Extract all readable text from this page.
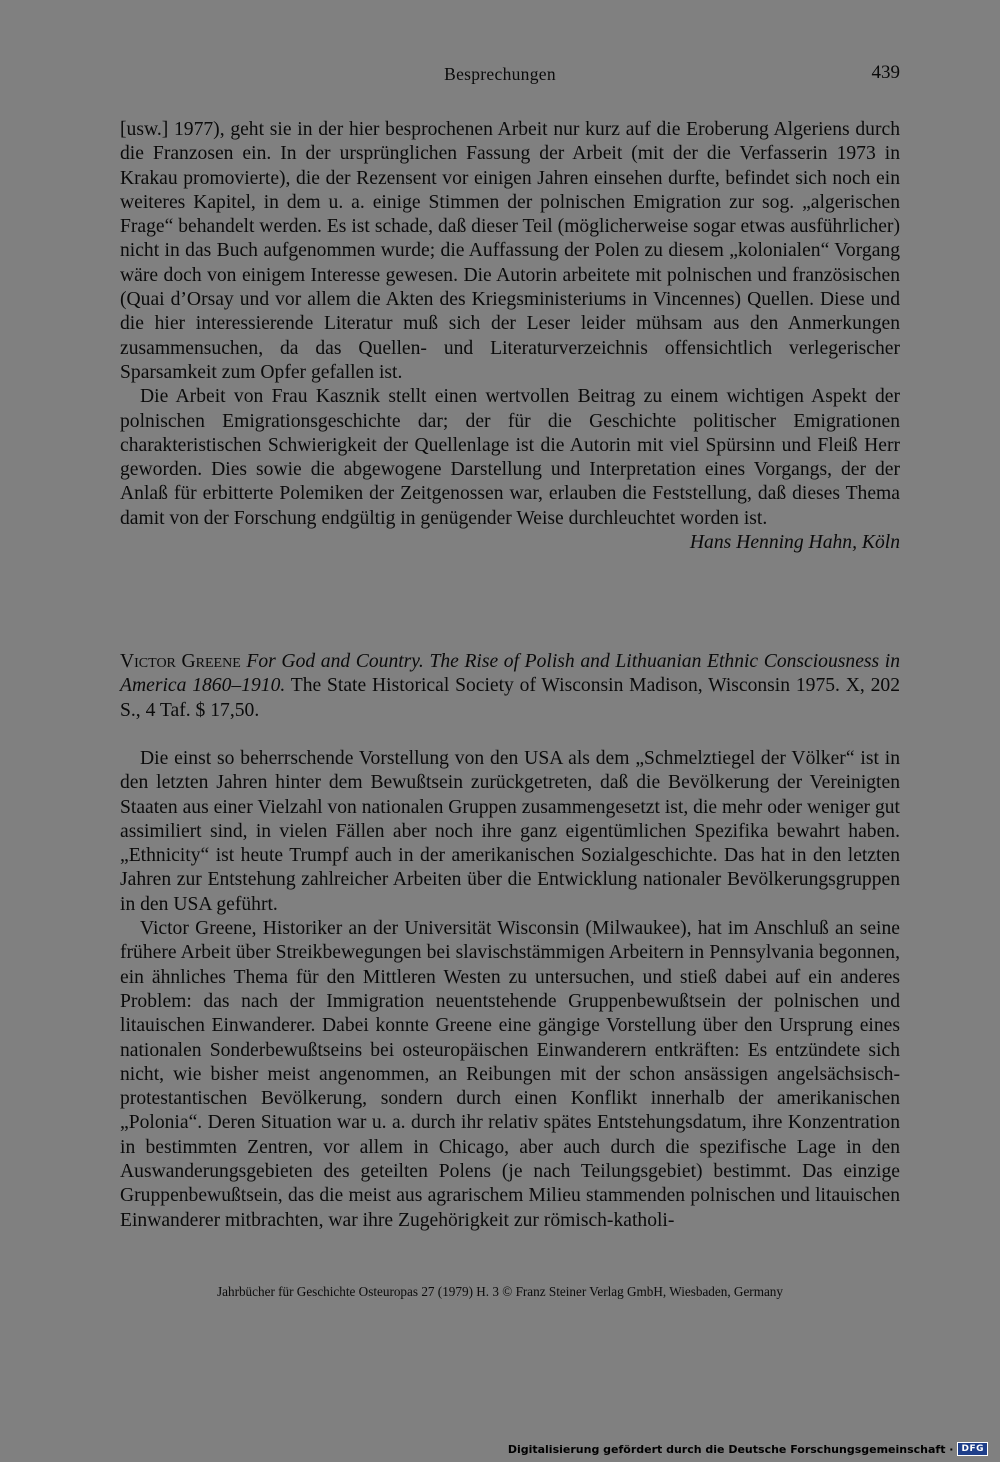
Besprechungen	439

[usw.] 1977), geht sie in der hier besprochenen Arbeit nur kurz auf die Eroberung Algeriens durch die Franzosen ein. In der ursprünglichen Fassung der Arbeit (mit der die Verfasserin 1973 in Krakau promovierte), die der Rezensent vor einigen Jahren einsehen durfte, befindet sich noch ein weiteres Kapitel, in dem u. a. einige Stimmen der polnischen Emigration zur sog. „algerischen Frage“ behandelt werden. Es ist schade, daß dieser Teil (möglicherweise sogar etwas ausführlicher) nicht in das Buch aufgenommen wurde; die Auffassung der Polen zu diesem „kolonialen“ Vorgang wäre doch von einigem Interesse gewesen. Die Autorin arbeitete mit polnischen und französischen (Quai d’Orsay und vor allem die Akten des Kriegsministeriums in Vincennes) Quellen. Diese und die hier interessierende Literatur muß sich der Leser leider mühsam aus den Anmerkungen zusammensuchen, da das Quellen- und Literaturverzeichnis offensichtlich verlegerischer Sparsamkeit zum Opfer gefallen ist.

Die Arbeit von Frau Kasznik stellt einen wertvollen Beitrag zu einem wichtigen Aspekt der polnischen Emigrationsgeschichte dar; der für die Geschichte politischer Emigrationen charakteristischen Schwierigkeit der Quellenlage ist die Autorin mit viel Spürsinn und Fleiß Herr geworden. Dies sowie die abgewogene Darstellung und Interpretation eines Vorgangs, der der Anlaß für erbitterte Polemiken der Zeitgenossen war, erlauben die Feststellung, daß dieses Thema damit von der Forschung endgültig in genügender Weise durchleuchtet worden ist.

Hans Henning Hahn, Köln

Victor Greene For God and Country. The Rise of Polish and Lithuanian Ethnic Consciousness in America 1860–1910. The State Historical Society of Wisconsin Madison, Wisconsin 1975. X, 202 S., 4 Taf. $ 17,50.

Die einst so beherrschende Vorstellung von den USA als dem „Schmelztiegel der Völker“ ist in den letzten Jahren hinter dem Bewußtsein zurückgetreten, daß die Bevölkerung der Vereinigten Staaten aus einer Vielzahl von nationalen Gruppen zusammengesetzt ist, die mehr oder weniger gut assimiliert sind, in vielen Fällen aber noch ihre ganz eigentümlichen Spezifika bewahrt haben. „Ethnicity“ ist heute Trumpf auch in der amerikanischen Sozialgeschichte. Das hat in den letzten Jahren zur Entstehung zahlreicher Arbeiten über die Entwicklung nationaler Bevölkerungsgruppen in den USA geführt.

Victor Greene, Historiker an der Universität Wisconsin (Milwaukee), hat im Anschluß an seine frühere Arbeit über Streikbewegungen bei slavischstämmigen Arbeitern in Pennsylvania begonnen, ein ähnliches Thema für den Mittleren Westen zu untersuchen, und stieß dabei auf ein anderes Problem: das nach der Immigration neuentstehende Gruppenbewußtsein der polnischen und litauischen Einwanderer. Dabei konnte Greene eine gängige Vorstellung über den Ursprung eines nationalen Sonderbewußtseins bei osteuropäischen Einwanderern entkräften: Es entzündete sich nicht, wie bisher meist angenommen, an Reibungen mit der schon ansässigen angelsächsisch-protestantischen Bevölkerung, sondern durch einen Konflikt innerhalb der amerikanischen „Polonia“. Deren Situation war u. a. durch ihr relativ spätes Entstehungsdatum, ihre Konzentration in bestimmten Zentren, vor allem in Chicago, aber auch durch die spezifische Lage in den Auswanderungsgebieten des geteilten Polens (je nach Teilungsgebiet) bestimmt. Das einzige Gruppenbewußtsein, das die meist aus agrarischem Milieu stammenden polnischen und litauischen Einwanderer mitbrachten, war ihre Zugehörigkeit zur römisch-katholi-

Jahrbücher für Geschichte Osteuropas 27 (1979) H. 3 © Franz Steiner Verlag GmbH, Wiesbaden, Germany
Digitalisierung gefördert durch die Deutsche Forschungsgemeinschaft · DFG
